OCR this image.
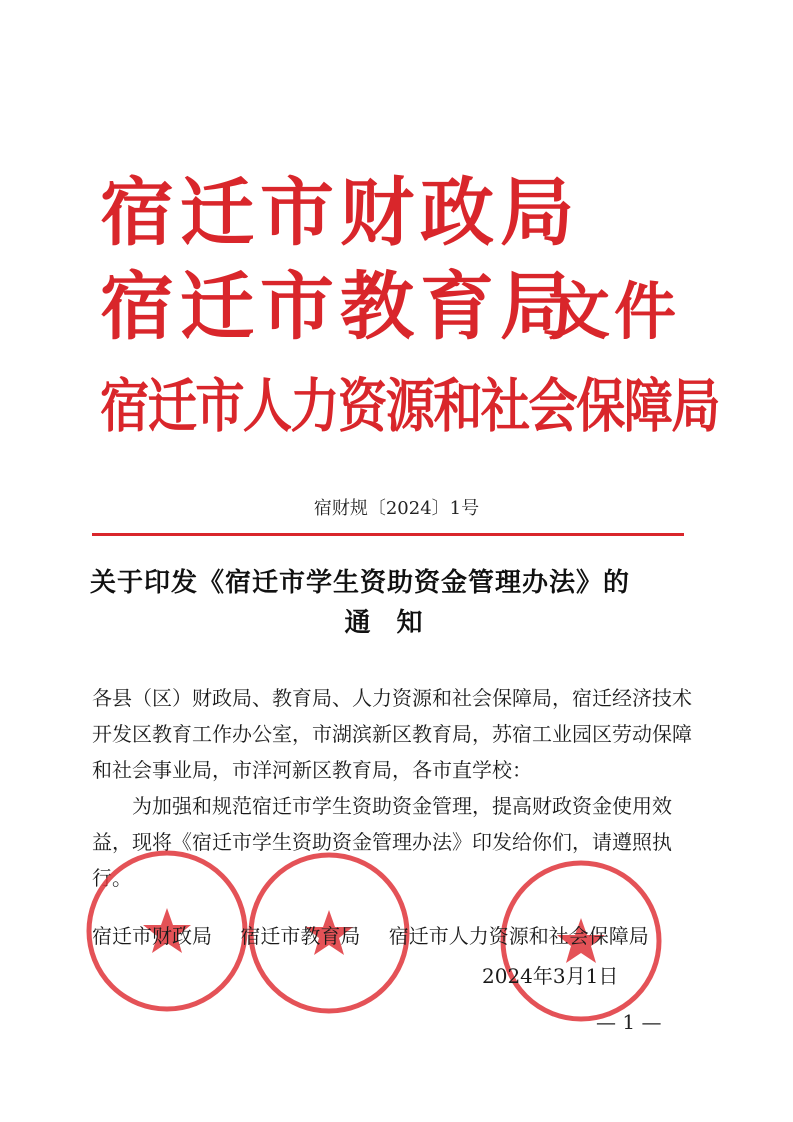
宿迁市财政局
宿迁市教育局
宿迁市人力资源和社会保障局
文件
宿财规〔2024〕1号
关于印发《宿迁市学生资助资金管理办法》的
通知
各县（区）财政局、教育局、人力资源和社会保障局，宿迁经济技术开发区教育工作办公室，市湖滨新区教育局，苏宿工业园区劳动保障和社会事业局，市洋河新区教育局，各市直学校：
为加强和规范宿迁市学生资助资金管理，提高财政资金使用效益，现将《宿迁市学生资助资金管理办法》印发给你们，请遵照执行。
宿迁市财政局 宿迁市教育局 宿迁市人力资源和社会保障局
2024年3月1日
— 1 —
